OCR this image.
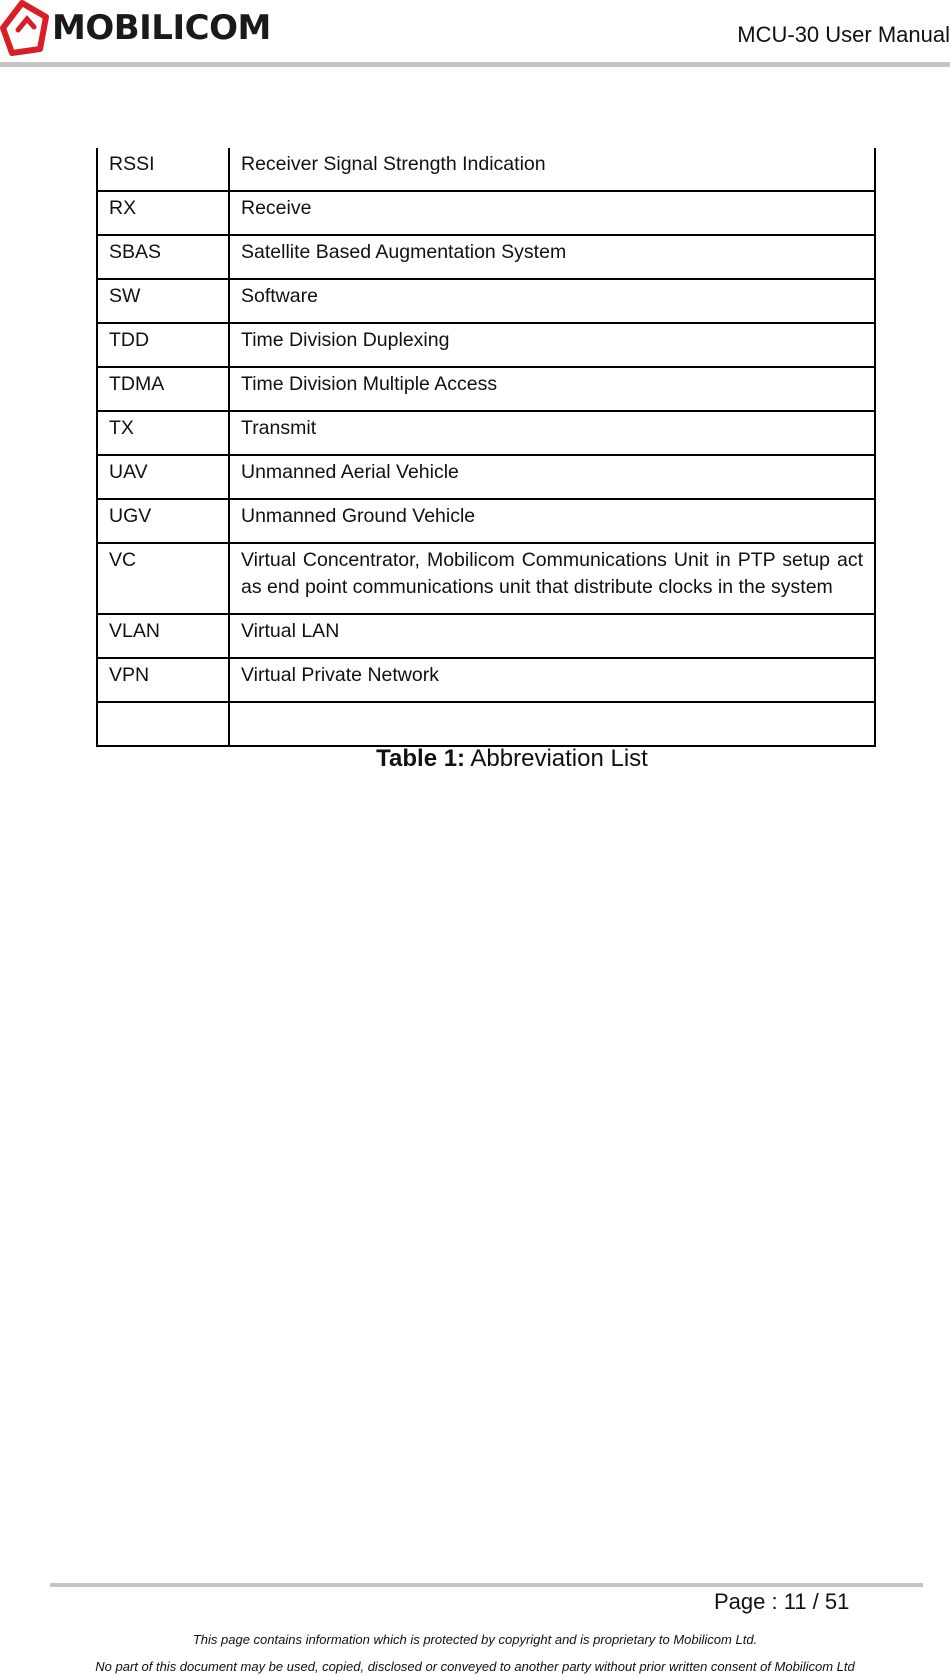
MOBILICOM	MCU-30 User Manual
RSSI	Receiver Signal Strength Indication
RX	Receive
SBAS	Satellite Based Augmentation System
SW	Software
TDD	Time Division Duplexing
TDMA	Time Division Multiple Access
TX	Transmit
UAV	Unmanned Aerial Vehicle
UGV	Unmanned Ground Vehicle
VC	Virtual Concentrator, Mobilicom Communications Unit in PTP setup act as end point communications unit that distribute clocks in the system
VLAN	Virtual LAN
VPN	Virtual Private Network

Table 1: Abbreviation List
Page : 11 / 51
This page contains information which is protected by copyright and is proprietary to Mobilicom Ltd.
No part of this document may be used, copied, disclosed or conveyed to another party without prior written consent of Mobilicom Ltd
